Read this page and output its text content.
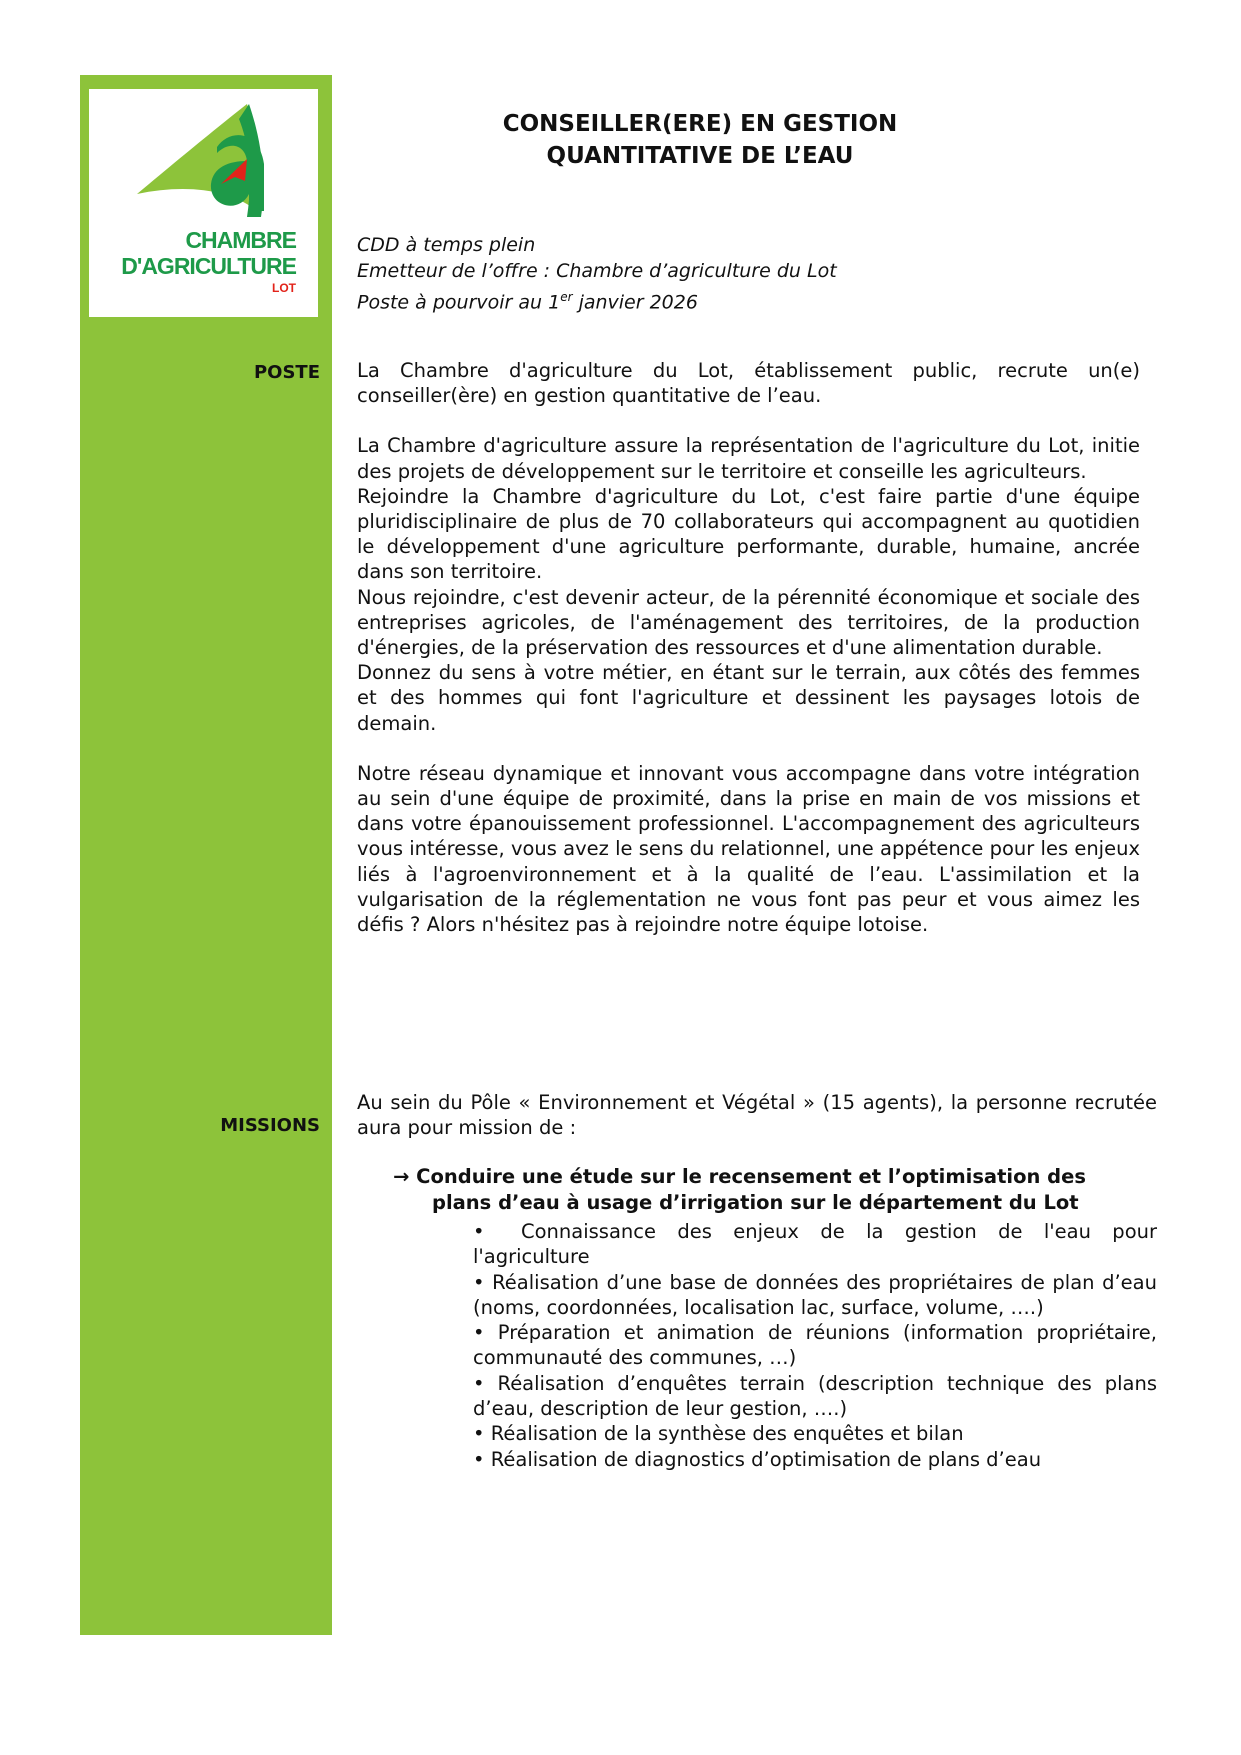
CHAMBRE
D'AGRICULTURE
LOT
CONSEILLER(ERE) EN GESTION
QUANTITATIVE DE L’EAU
CDD à temps plein
Emetteur de l’offre : Chambre d’agriculture du Lot
Poste à pourvoir au 1er janvier 2026
POSTE La Chambre d'agriculture du Lot, établissement public, recrute un(e) conseiller(ère) en gestion quantitative de l’eau.

La Chambre d'agriculture assure la représentation de l'agriculture du Lot, initie des projets de développement sur le territoire et conseille les agriculteurs.

Rejoindre la Chambre d'agriculture du Lot, c'est faire partie d'une équipe pluridisciplinaire de plus de 70 collaborateurs qui accompagnent au quotidien le développement d'une agriculture performante, durable, humaine, ancrée dans son territoire.

Nous rejoindre, c'est devenir acteur, de la pérennité économique et sociale des entreprises agricoles, de l'aménagement des territoires, de la production d'énergies, de la préservation des ressources et d'une alimentation durable.

Donnez du sens à votre métier, en étant sur le terrain, aux côtés des femmes et des hommes qui font l'agriculture et dessinent les paysages lotois de demain.

Notre réseau dynamique et innovant vous accompagne dans votre intégration au sein d'une équipe de proximité, dans la prise en main de vos missions et dans votre épanouissement professionnel. L'accompagnement des agriculteurs vous intéresse, vous avez le sens du relationnel, une appétence pour les enjeux liés à l'agroenvironnement et à la qualité de l’eau. L'assimilation et la vulgarisation de la réglementation ne vous font pas peur et vous aimez les défis ? Alors n'hésitez pas à rejoindre notre équipe lotoise.

MISSIONS
Au sein du Pôle « Environnement et Végétal » (15 agents), la personne recrutée aura pour mission de :
→ Conduire une étude sur le recensement et l’optimisation des
plans d’eau à usage d’irrigation sur le département du Lot

• Connaissance des enjeux de la gestion de l'eau pour l'agriculture

• Réalisation d’une base de données des propriétaires de plan d’eau (noms, coordonnées, localisation lac, surface, volume, ….)

• Préparation et animation de réunions (information propriétaire, communauté des communes, …)

• Réalisation d’enquêtes terrain (description technique des plans d’eau, description de leur gestion, ….)

• Réalisation de la synthèse des enquêtes et bilan

• Réalisation de diagnostics d’optimisation de plans d’eau
